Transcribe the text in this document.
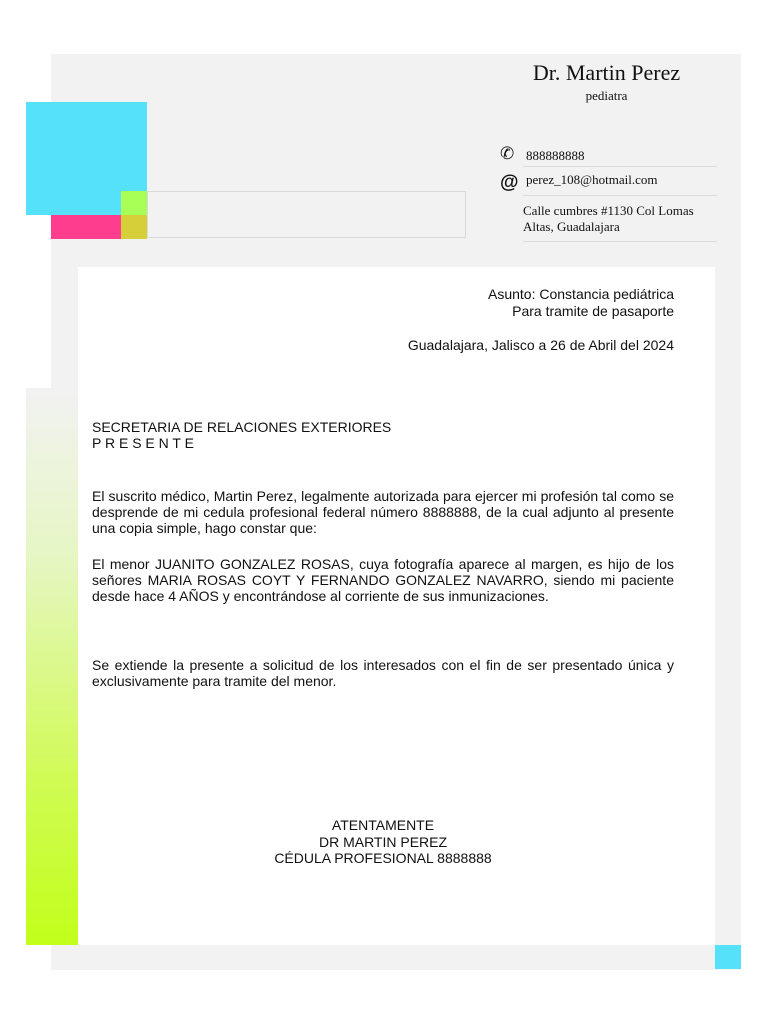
Dr. Martin Perez
pediatra
✆ 888888888
@ perez_108@hotmail.com
Calle cumbres #1130 Col Lomas
Altas, Guadalajara
Asunto: Constancia pediátrica
Para tramite de pasaporte
Guadalajara, Jalisco a 26 de Abril del 2024
SECRETARIA DE RELACIONES EXTERIORES
P R E S E N T E
El suscrito médico, Martin Perez, legalmente autorizada para ejercer mi profesión tal como se desprende de mi cedula profesional federal número 8888888, de la cual adjunto al presente una copia simple, hago constar que:
El menor JUANITO GONZALEZ ROSAS, cuya fotografía aparece al margen, es hijo de los señores MARIA ROSAS COYT Y FERNANDO GONZALEZ NAVARRO, siendo mi paciente desde hace 4 AÑOS y encontrándose al corriente de sus inmunizaciones.
Se extiende la presente a solicitud de los interesados con el fin de ser presentado única y exclusivamente para tramite del menor.
ATENTAMENTE
DR MARTIN PEREZ
CÉDULA PROFESIONAL 8888888
